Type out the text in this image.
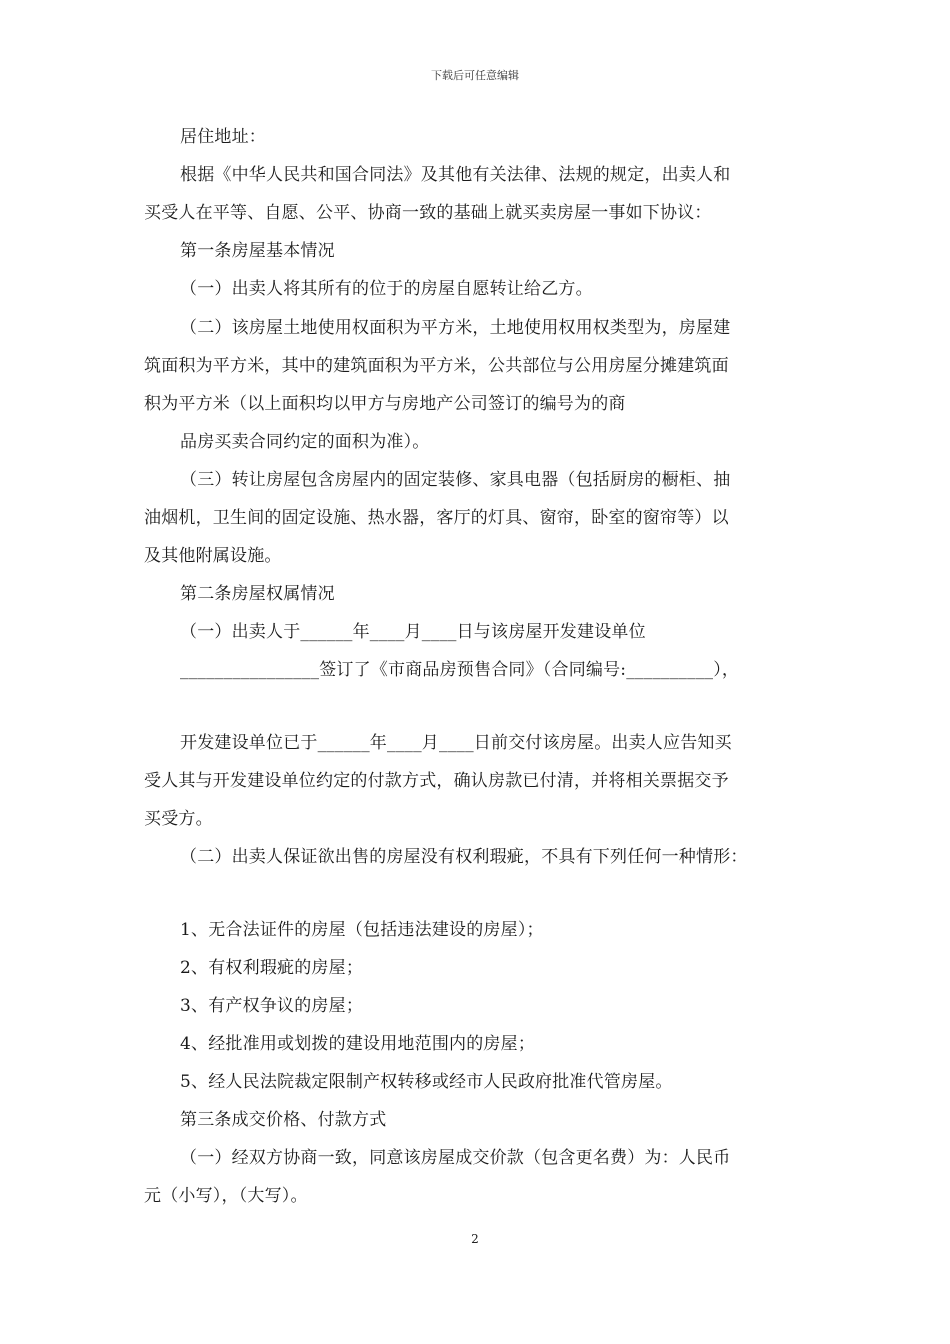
下载后可任意编辑
居住地址：
根据《中华人民共和国合同法》及其他有关法律、法规的规定，出卖人和
买受人在平等、自愿、公平、协商一致的基础上就买卖房屋一事如下协议：
第一条房屋基本情况
（一）出卖人将其所有的位于的房屋自愿转让给乙方。
（二）该房屋土地使用权面积为平方米，土地使用权用权类型为，房屋建
筑面积为平方米，其中的建筑面积为平方米，公共部位与公用房屋分摊建筑面
积为平方米（以上面积均以甲方与房地产公司签订的编号为的商
品房买卖合同约定的面积为准）。
（三）转让房屋包含房屋内的固定装修、家具电器（包括厨房的橱柜、抽
油烟机，卫生间的固定设施、热水器，客厅的灯具、窗帘，卧室的窗帘等）以
及其他附属设施。
第二条房屋权属情况
（一）出卖人于______年____月____日与该房屋开发建设单位
________________签订了《市商品房预售合同》（合同编号:__________），
开发建设单位已于______年____月____日前交付该房屋。出卖人应告知买
受人其与开发建设单位约定的付款方式，确认房款已付清，并将相关票据交予
买受方。
（二）出卖人保证欲出售的房屋没有权利瑕疵，不具有下列任何一种情形：
1、无合法证件的房屋（包括违法建设的房屋）；
2、有权利瑕疵的房屋；
3、有产权争议的房屋；
4、经批准用或划拨的建设用地范围内的房屋；
5、经人民法院裁定限制产权转移或经市人民政府批准代管房屋。
第三条成交价格、付款方式
（一）经双方协商一致，同意该房屋成交价款（包含更名费）为：人民币
元（小写），（大写）。
2
